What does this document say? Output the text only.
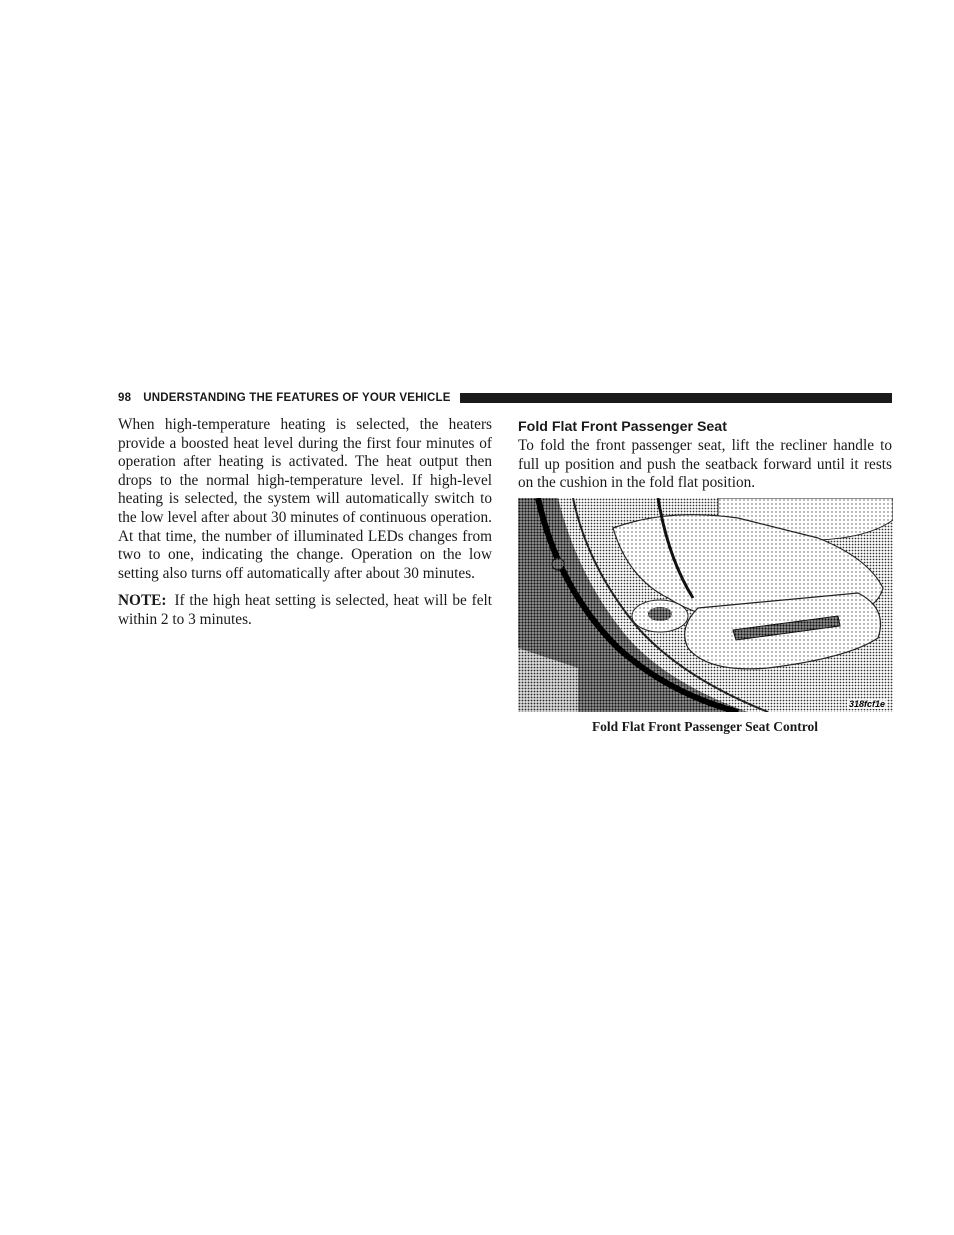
98 UNDERSTANDING THE FEATURES OF YOUR VEHICLE

When high-temperature heating is selected, the heaters provide a boosted heat level during the first four minutes of operation after heating is activated. The heat output then drops to the normal high-temperature level. If high-level heating is selected, the system will automatically switch to the low level after about 30 minutes of continuous operation. At that time, the number of illuminated LEDs changes from two to one, indicating the change. Operation on the low setting also turns off automatically after about 30 minutes.

NOTE: If the high heat setting is selected, heat will be felt within 2 to 3 minutes.

Fold Flat Front Passenger Seat

To fold the front passenger seat, lift the recliner handle to full up position and push the seatback forward until it rests on the cushion in the fold flat position.

318fcf1e
Fold Flat Front Passenger Seat Control
